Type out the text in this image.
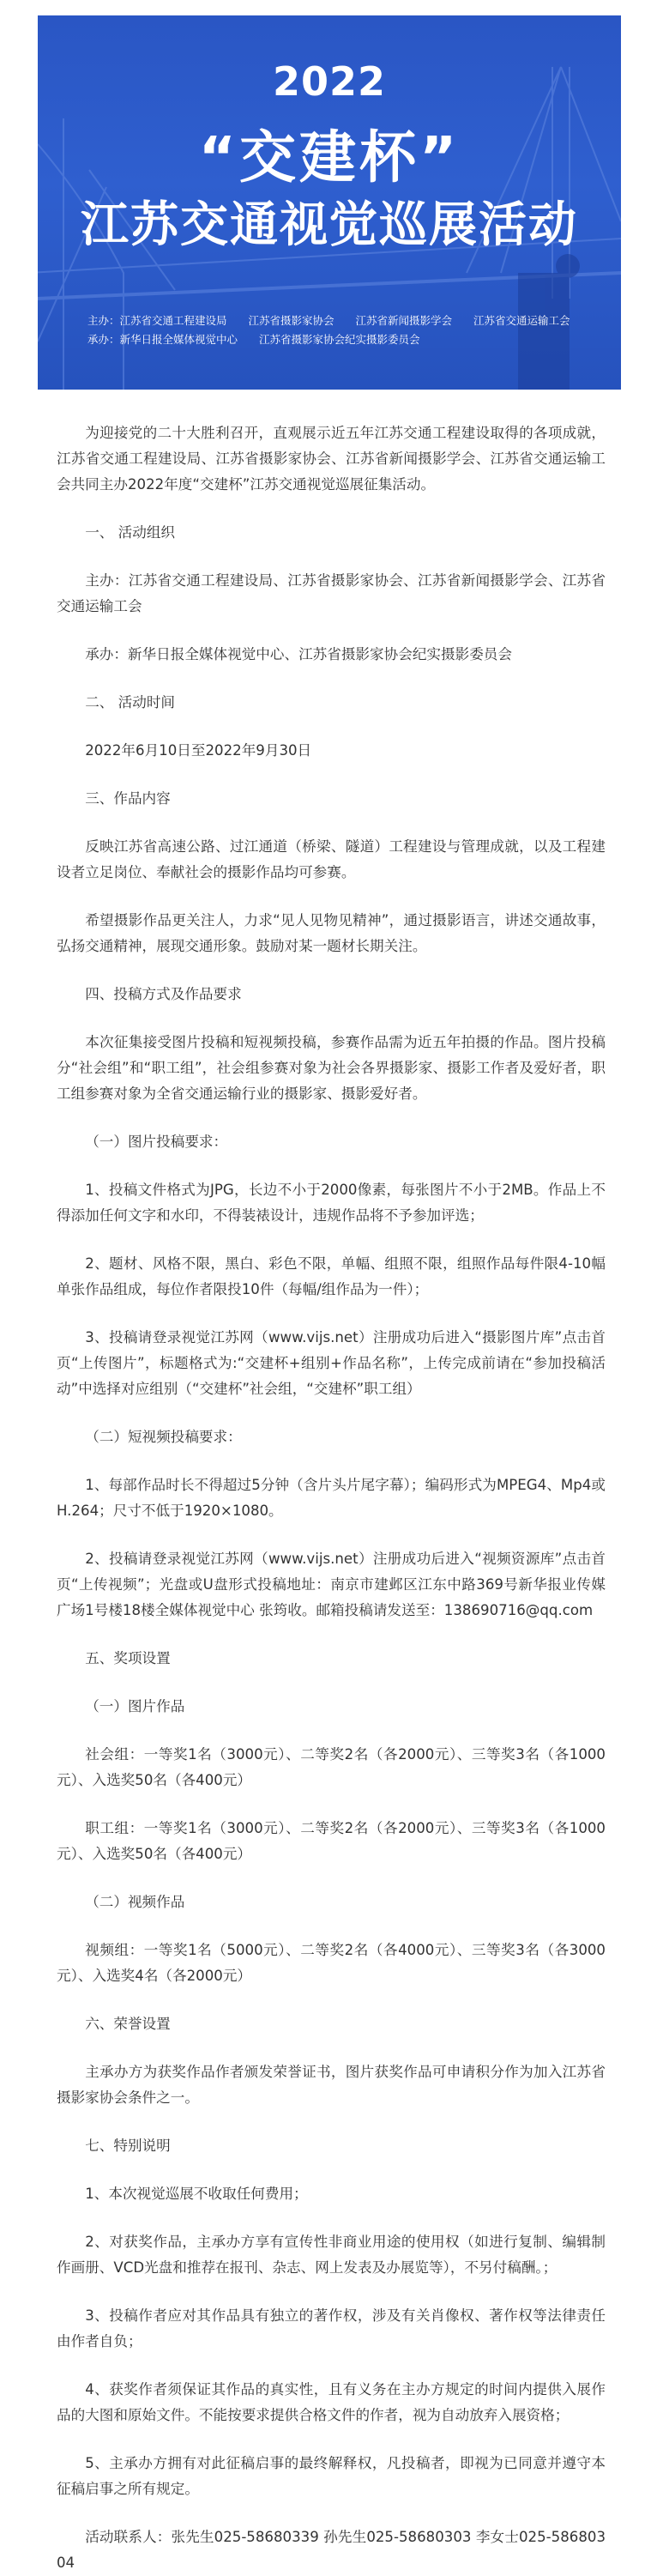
2022
“交建杯”
江苏交通视觉巡展活动
主办：江苏省交通工程建设局　　江苏省摄影家协会　　江苏省新闻摄影学会　　江苏省交通运输工会
承办：新华日报全媒体视觉中心　　江苏省摄影家协会纪实摄影委员会

为迎接党的二十大胜利召开，直观展示近五年江苏交通工程建设取得的各项成就，江苏省交通工程建设局、江苏省摄影家协会、江苏省新闻摄影学会、江苏省交通运输工会共同主办2022年度“交建杯”江苏交通视觉巡展征集活动。

一、 活动组织

主办：江苏省交通工程建设局、江苏省摄影家协会、江苏省新闻摄影学会、江苏省交通运输工会

承办：新华日报全媒体视觉中心、江苏省摄影家协会纪实摄影委员会

二、 活动时间

2022年6月10日至2022年9月30日

三、作品内容

反映江苏省高速公路、过江通道（桥梁、隧道）工程建设与管理成就，以及工程建设者立足岗位、奉献社会的摄影作品均可参赛。

希望摄影作品更关注人，力求“见人见物见精神”，通过摄影语言，讲述交通故事，弘扬交通精神，展现交通形象。鼓励对某一题材长期关注。

四、投稿方式及作品要求

本次征集接受图片投稿和短视频投稿，参赛作品需为近五年拍摄的作品。图片投稿分“社会组”和“职工组”，社会组参赛对象为社会各界摄影家、摄影工作者及爱好者，职工组参赛对象为全省交通运输行业的摄影家、摄影爱好者。

（一）图片投稿要求：

1、投稿文件格式为JPG，长边不小于2000像素，每张图片不小于2MB。作品上不得添加任何文字和水印，不得装裱设计，违规作品将不予参加评选；

2、题材、风格不限，黑白、彩色不限，单幅、组照不限，组照作品每件限4-10幅单张作品组成，每位作者限投10件（每幅/组作品为一件）；

3、投稿请登录视觉江苏网（www.vijs.net）注册成功后进入“摄影图片库”点击首页“上传图片”，标题格式为:“交建杯+组别+作品名称”，上传完成前请在“参加投稿活动”中选择对应组别（“交建杯”社会组，“交建杯”职工组）

（二）短视频投稿要求：

1、每部作品时长不得超过5分钟（含片头片尾字幕）；编码形式为MPEG4、Mp4或H.264；尺寸不低于1920×1080。

2、投稿请登录视觉江苏网（www.vijs.net）注册成功后进入“视频资源库”点击首页“上传视频”；光盘或U盘形式投稿地址：南京市建邺区江东中路369号新华报业传媒广场1号楼18楼全媒体视觉中心 张筠收。邮箱投稿请发送至：138690716@qq.com

五、奖项设置

（一）图片作品

社会组：一等奖1名（3000元）、二等奖2名（各2000元）、三等奖3名（各1000元）、入选奖50名（各400元）

职工组：一等奖1名（3000元）、二等奖2名（各2000元）、三等奖3名（各1000元）、入选奖50名（各400元）

（二）视频作品

视频组：一等奖1名（5000元）、二等奖2名（各4000元）、三等奖3名（各3000元）、入选奖4名（各2000元）

六、荣誉设置

主承办方为获奖作品作者颁发荣誉证书，图片获奖作品可申请积分作为加入江苏省摄影家协会条件之一。

七、特别说明

1、本次视觉巡展不收取任何费用；

2、对获奖作品，主承办方享有宣传性非商业用途的使用权（如进行复制、编辑制作画册、VCD光盘和推荐在报刊、杂志、网上发表及办展览等），不另付稿酬。；

3、投稿作者应对其作品具有独立的著作权，涉及有关肖像权、著作权等法律责任由作者自负；

4、获奖作者须保证其作品的真实性，且有义务在主办方规定的时间内提供入展作品的大图和原始文件。不能按要求提供合格文件的作者，视为自动放弃入展资格；

5、主承办方拥有对此征稿启事的最终解释权，凡投稿者，即视为已同意并遵守本征稿启事之所有规定。

活动联系人：张先生025-58680339 孙先生025-58680303 李女士025-58680304
